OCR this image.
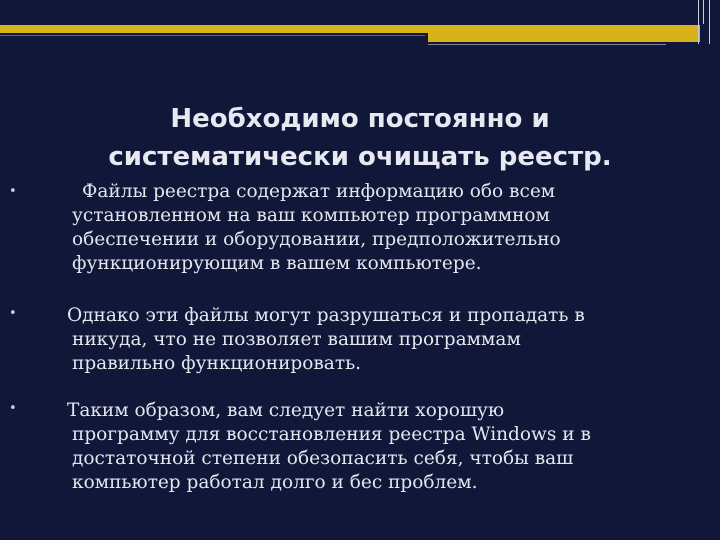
Необходимо постоянно и
систематически очищать реестр.
•	Файлы реестра содержат информацию обо всем
установленном на ваш компьютер программном
обеспечении и оборудовании, предположительно
функционирующим в вашем компьютере.
•	Однако эти файлы могут разрушаться и пропадать в
никуда, что не позволяет вашим программам
правильно функционировать.
•	Таким образом, вам следует найти хорошую
программу для восстановления реестра Windows и в
достаточной степени обезопасить себя, чтобы ваш
компьютер работал долго и бес проблем.
